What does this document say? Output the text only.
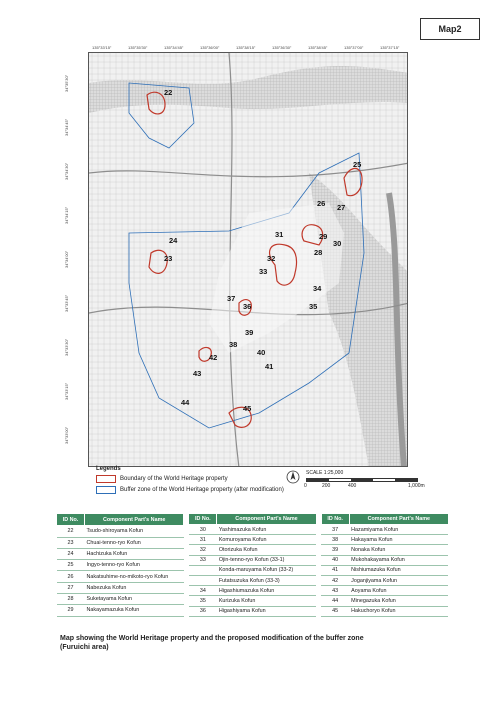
Map2
135°33'15"	135°35'30"	135°34'45"	135°36'00"	135°38'15"	135°36'30"	135°38'45"	135°37'00"	135°37'15"
34°35'30"
34°34'45"
34°34'30"
34°34'15"
34°34'00"
34°33'45"
34°33'30"
34°33'15"
34°33'00"
22
23
24
25
26 27
28
29
30
31
32
33
34
35
36
37
38
39
40
41
42
43
44
45
Legends
Boundary of the World Heritage property
Buffer zone of the World Heritage property (after modification)
SCALE 1:25,000
0	200	400	1,000m
ID No.	Component Part's Name
22	Tsudo-shiroyama Kofun
23	Chuai-tenno-ryo Kofun
24	Hachizuka Kofun
25	Ingyo-tenno-ryo Kofun
26	Nakatsuhime-no-mikoto-ryo Kofun
27	Nabezuka Kofun
28	Suketayama Kofun
29	Nakayamazuka Kofun
ID No.	Component Part's Name
30	Yashimazuka Kofun
31	Komuroyama Kofun
32	Otorizuka Kofun
33	Ojin-tenno-ryo Kofun (33-1)
	Konda-maruyama Kofun (33-2)
	Futatsuzuka Kofun (33-3)
34	Higashiumazuka Kofun
35	Kurizuka Kofun
36	Higashiyama Kofun
ID No.	Component Part's Name
37	Hazamiyama Kofun
38	Hakayama Kofun
39	Nonaka Kofun
40	Mukohakayama Kofun
41	Nishiumazuka Kofun
42	Joganjiyama Kofun
43	Aoyama Kofun
44	Minegazuka Kofun
45	Hakuchoryo Kofun
Map showing the World Heritage property and the proposed modification of the buffer zone
(Furuichi area)
